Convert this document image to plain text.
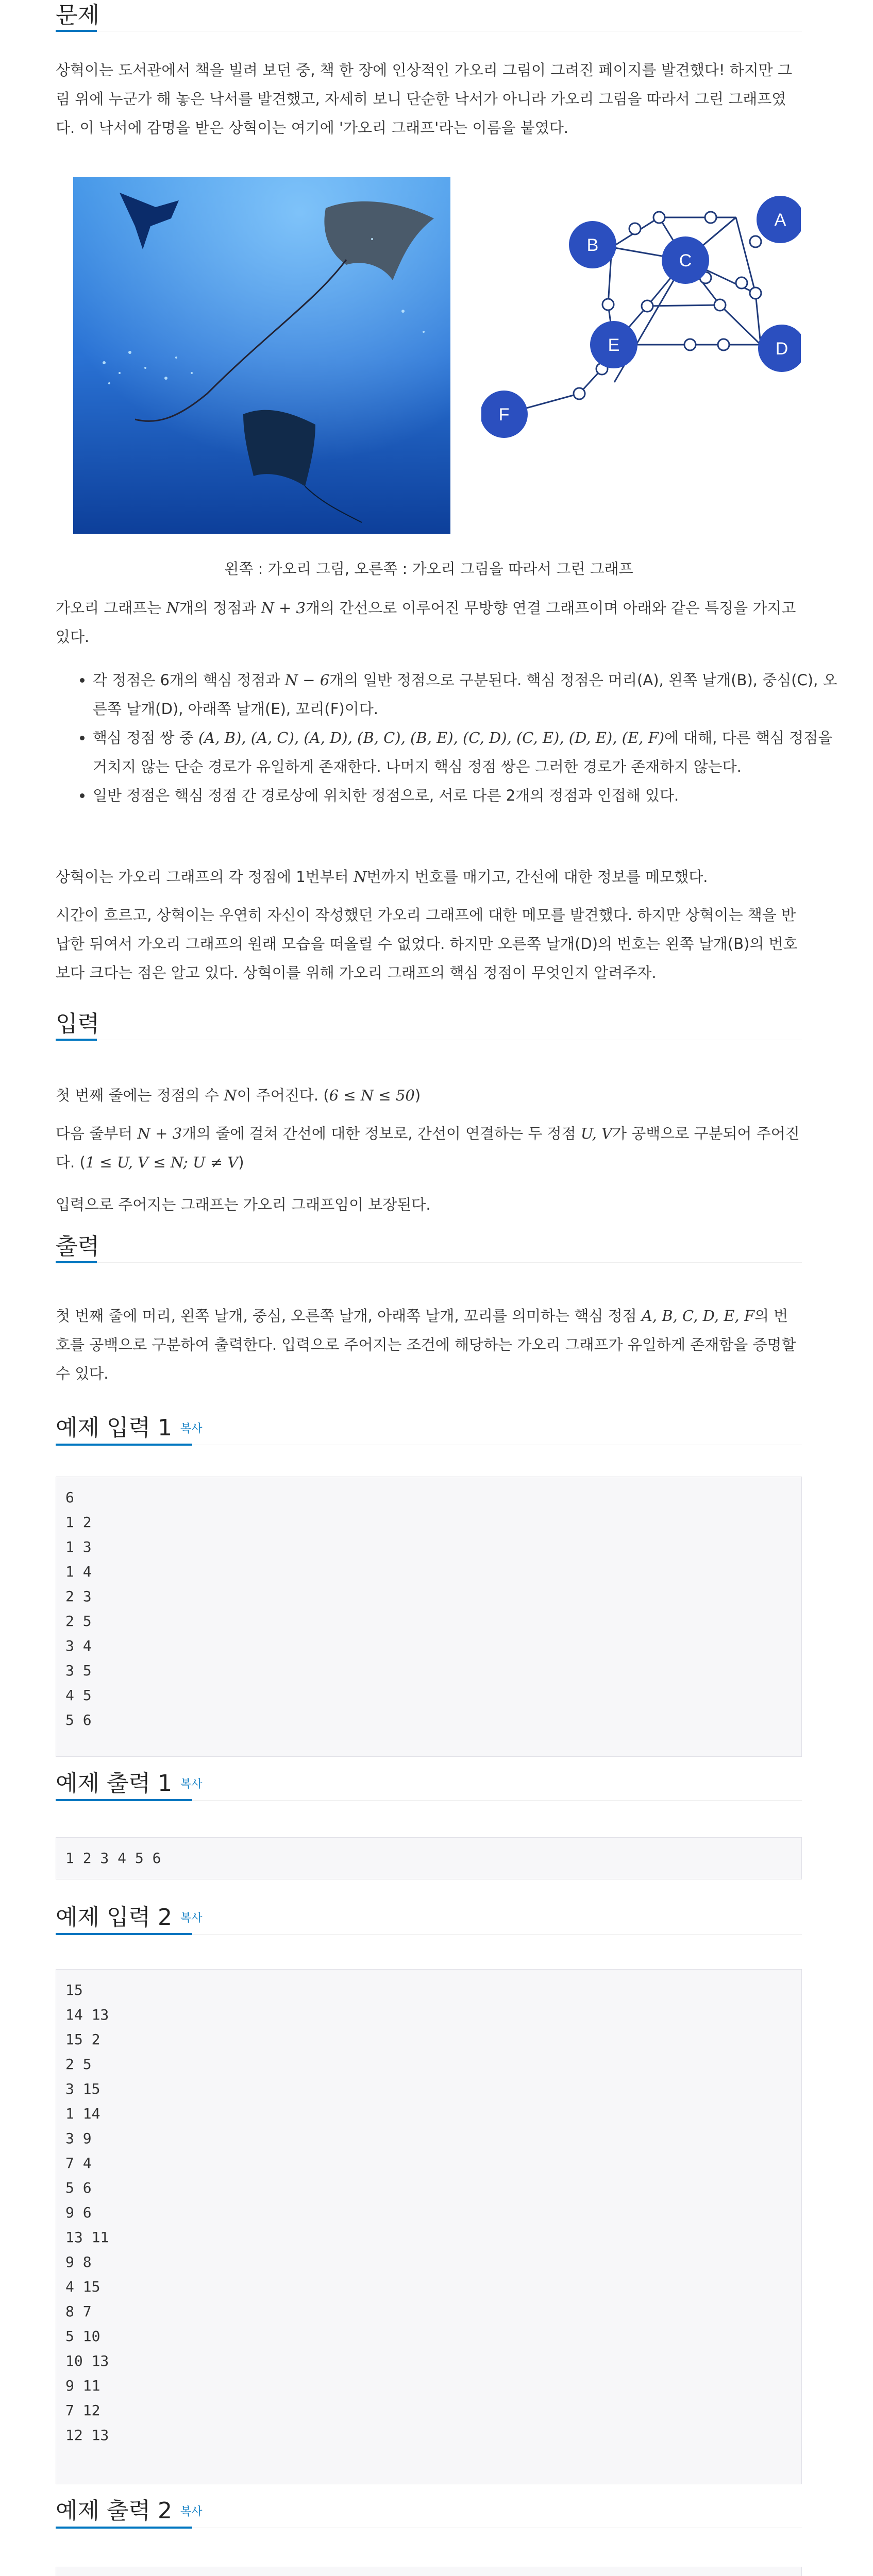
문제

상혁이는 도서관에서 책을 빌려 보던 중, 책 한 장에 인상적인 가오리 그림이 그려진 페이지를 발견했다! 하지만 그림 위에 누군가 해 놓은 낙서를 발견했고, 자세히 보니 단순한 낙서가 아니라 가오리 그림을 따라서 그린 그래프였다. 이 낙서에 감명을 받은 상혁이는 여기에 '가오리 그래프'라는 이름을 붙였다.

A
B
C
D
E
F
왼쪽 : 가오리 그림, 오른쪽 : 가오리 그림을 따라서 그린 그래프

가오리 그래프는 N개의 정점과 N + 3개의 간선으로 이루어진 무방향 연결 그래프이며 아래와 같은 특징을 가지고 있다.

• 각 정점은 6개의 핵심 정점과 N − 6개의 일반 정점으로 구분된다. 핵심 정점은 머리(A), 왼쪽 날개(B), 중심(C), 오른쪽 날개(D), 아래쪽 날개(E), 꼬리(F)이다.
• 핵심 정점 쌍 중 (A, B), (A, C), (A, D), (B, C), (B, E), (C, D), (C, E), (D, E), (E, F)에 대해, 다른 핵심 정점을 거치지 않는 단순 경로가 유일하게 존재한다. 나머지 핵심 정점 쌍은 그러한 경로가 존재하지 않는다.
• 일반 정점은 핵심 정점 간 경로상에 위치한 정점으로, 서로 다른 2개의 정점과 인접해 있다.

상혁이는 가오리 그래프의 각 정점에 1번부터 N번까지 번호를 매기고, 간선에 대한 정보를 메모했다.

시간이 흐르고, 상혁이는 우연히 자신이 작성했던 가오리 그래프에 대한 메모를 발견했다. 하지만 상혁이는 책을 반납한 뒤여서 가오리 그래프의 원래 모습을 떠올릴 수 없었다. 하지만 오른쪽 날개(D)의 번호는 왼쪽 날개(B)의 번호보다 크다는 점은 알고 있다. 상혁이를 위해 가오리 그래프의 핵심 정점이 무엇인지 알려주자.

입력

첫 번째 줄에는 정점의 수 N이 주어진다. (6 ≤ N ≤ 50)

다음 줄부터 N + 3개의 줄에 걸쳐 간선에 대한 정보로, 간선이 연결하는 두 정점 U, V가 공백으로 구분되어 주어진다. (1 ≤ U, V ≤ N; U ≠ V)

입력으로 주어지는 그래프는 가오리 그래프임이 보장된다.

출력

첫 번째 줄에 머리, 왼쪽 날개, 중심, 오른쪽 날개, 아래쪽 날개, 꼬리를 의미하는 핵심 정점 A, B, C, D, E, F의 번호를 공백으로 구분하여 출력한다. 입력으로 주어지는 조건에 해당하는 가오리 그래프가 유일하게 존재함을 증명할 수 있다.

예제 입력 1 복사
6
1 2
1 3
1 4
2 3
2 5
3 4
3 5
4 5
5 6
예제 출력 1 복사
1 2 3 4 5 6
예제 입력 2 복사
15
14 13
15 2
2 5
3 15
1 14
3 9
7 4
5 6
9 6
13 11
9 8
4 15
8 7
5 10
10 13
9 11
7 12
12 13
예제 출력 2 복사
